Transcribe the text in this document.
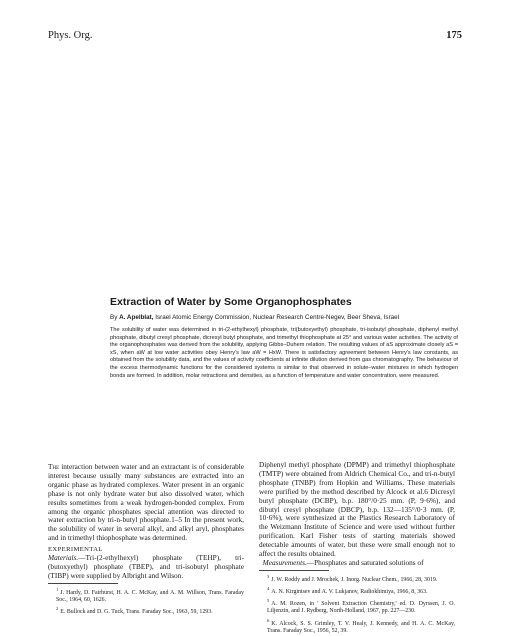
Phys. Org.	175
Extraction of Water by Some Organophosphates
By A. Apelblat, Israel Atomic Energy Commission, Nuclear Research Centre-Negev, Beer Sheva, Israel

The solubility of water was determined in tri-(2-ethylhexyl) phosphate, tri(butoxyethyl) phosphate, tri-isobutyl phosphate, diphenyl methyl phosphate, dibutyl cresyl phosphate, dicresyl butyl phosphate, and trimethyl thiophosphate at 25° and various water activities. The activity of the organophosphates was derived from the solubility, applying Gibbs–Duhem relation. The resulting values of aS approximate closely aS = xS, when aW at low water activities obey Henry's law aW = HxW. There is satisfactory agreement between Henry's law constants, as obtained from the solubility data, and the values of activity coefficients at infinite dilution derived from gas chromatography. The behaviour of the excess thermodynamic functions for the considered systems is similar to that observed in solute–water mixtures in which hydrogen bonds are formed. In addition, molar retractions and densities, as a function of temperature and water concentration, were measured.

The interaction between water and an extractant is of considerable interest because usually many substances are extracted into an organic phase as hydrated complexes. Water present in an organic phase is not only hydrate water but also dissolved water, which results sometimes from a weak hydrogen-bonded complex. From among the organic phosphates special attention was directed to water extraction by tri-n-butyl phosphate.1–5 In the present work, the solubility of water in several alkyl, and alkyl aryl, phosphates and in trimethyl thiophosphate was determined.

EXPERIMENTAL

Materials.—Tri-(2-ethylhexyl) phosphate (TEHP), tri-(butoxyethyl) phosphate (TBEP), and tri-isobutyl phosphate (TIBP) were supplied by Albright and Wilson.

$^1$J. Hardy, D. Fairhurst, H. A. C. McKay, and A. M. Willson, Trans. Faraday Soc., 1964, 60, 1626.
$^2$E. Bullock and D. G. Tuck, Trans. Faraday Soc., 1963, 59, 1293.

Diphenyl methyl phosphate (DPMP) and trimethyl thiophosphate (TMTP) were obtained from Aldrich Chemical Co., and tri-n-butyl phosphate (TNBP) from Hopkin and Williams. These materials were purified by the method described by Alcock et al.6 Dicresyl butyl phosphate (DCBP), b.p. 180°/0·25 mm. (P, 9·6%), and dibutyl cresyl phosphate (DBCP), b.p. 132—135°/0·3 mm. (P, 10·6%), were synthesized at the Plastics Research Laboratory of the Weizmann Institute of Science and were used without further purification. Karl Fisher tests of starting materials showed detectable amounts of water, but these were small enough not to affect the results obtained.

Measurements.—Phosphates and saturated solutions of

$^3$J. W. Roddy and J. Mrochek, J. Inorg. Nuclear Chem., 1966, 28, 3019.
$^4$A. N. Kirgintsev and A. V. Lukjanov, Radiokhimiya, 1966, 8, 363.
$^5$A. M. Rozen, in ' Solvent Extraction Chemistry,' ed. D. Dyrssen, J. O. Liljenzin, and J. Rydberg, North-Holland, 1967, pp. 227—230.
$^6$K. Alcock, S. S. Grimley, T. V. Healy, J. Kennedy, and H. A. C. McKay, Trans. Faraday Soc., 1956, 52, 39.
